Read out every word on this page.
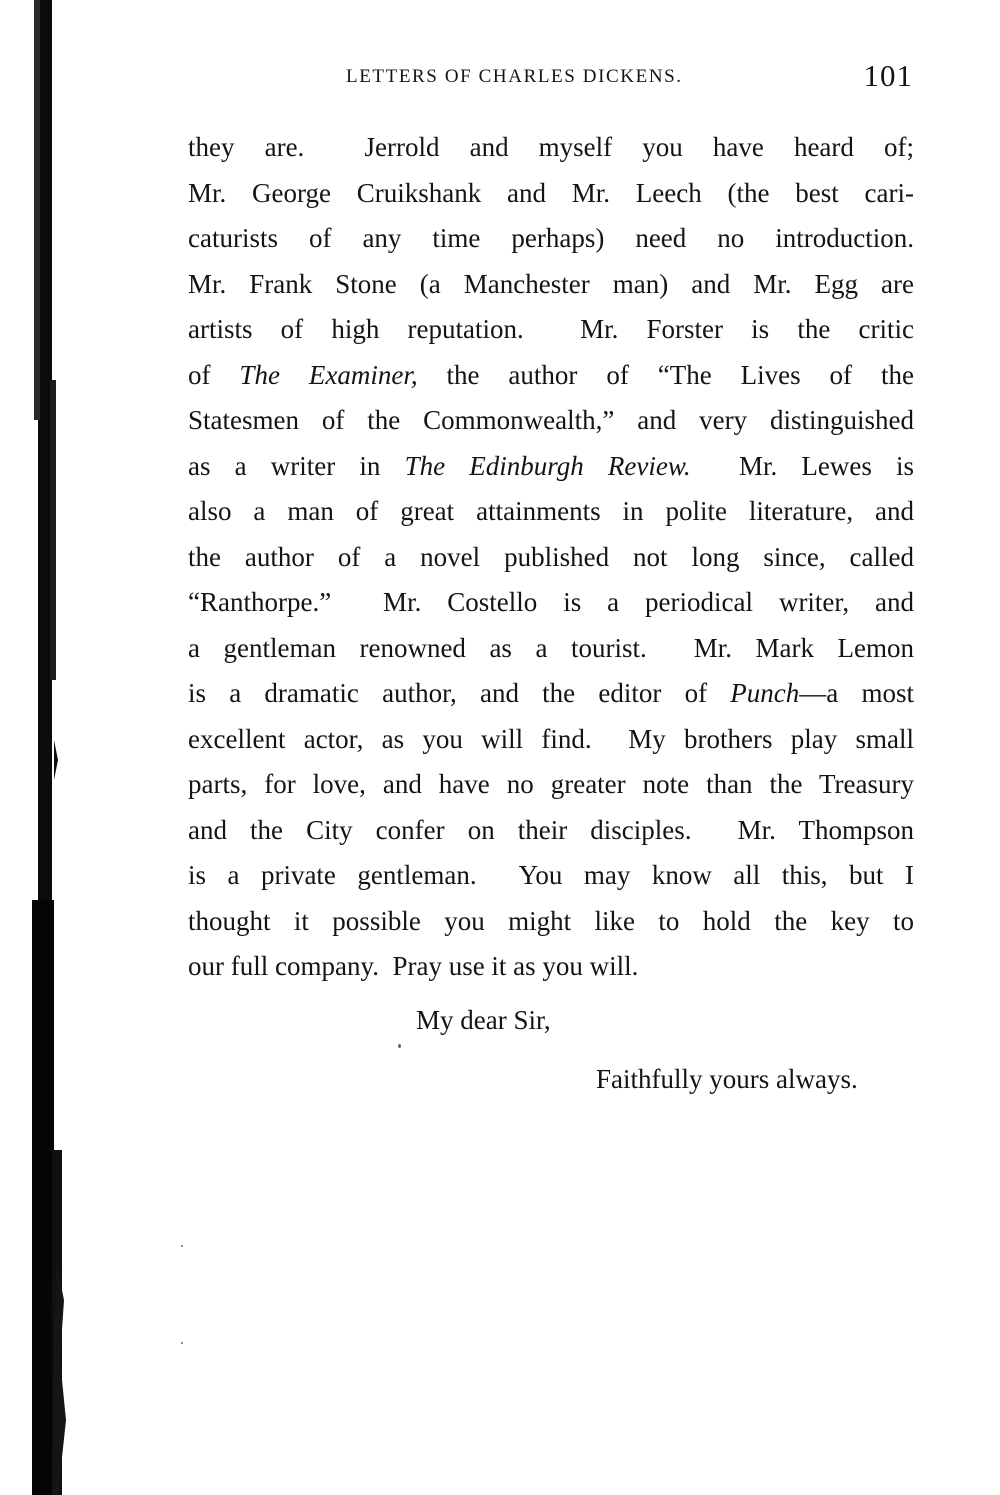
LETTERS OF CHARLES DICKENS.	101
they are.  Jerrold and myself you have heard of;
Mr. George Cruikshank and Mr. Leech (the best cari-
caturists of any time perhaps) need no introduction.
Mr. Frank Stone (a Manchester man) and Mr. Egg are
artists of high reputation.  Mr. Forster is the critic
of The Examiner, the author of “The Lives of the
Statesmen of the Commonwealth,” and very distinguished
as a writer in The Edinburgh Review.  Mr. Lewes is
also a man of great attainments in polite literature, and
the author of a novel published not long since, called
“Ranthorpe.”  Mr. Costello is a periodical writer, and
a gentleman renowned as a tourist.  Mr. Mark Lemon
is a dramatic author, and the editor of Punch—a most
excellent actor, as you will find.  My brothers play small
parts, for love, and have no greater note than the Treasury
and the City confer on their disciples.  Mr. Thompson
is a private gentleman.  You may know all this, but I
thought it possible you might like to hold the key to
our full company.  Pray use it as you will.
My dear Sir,
Faithfully yours always.
